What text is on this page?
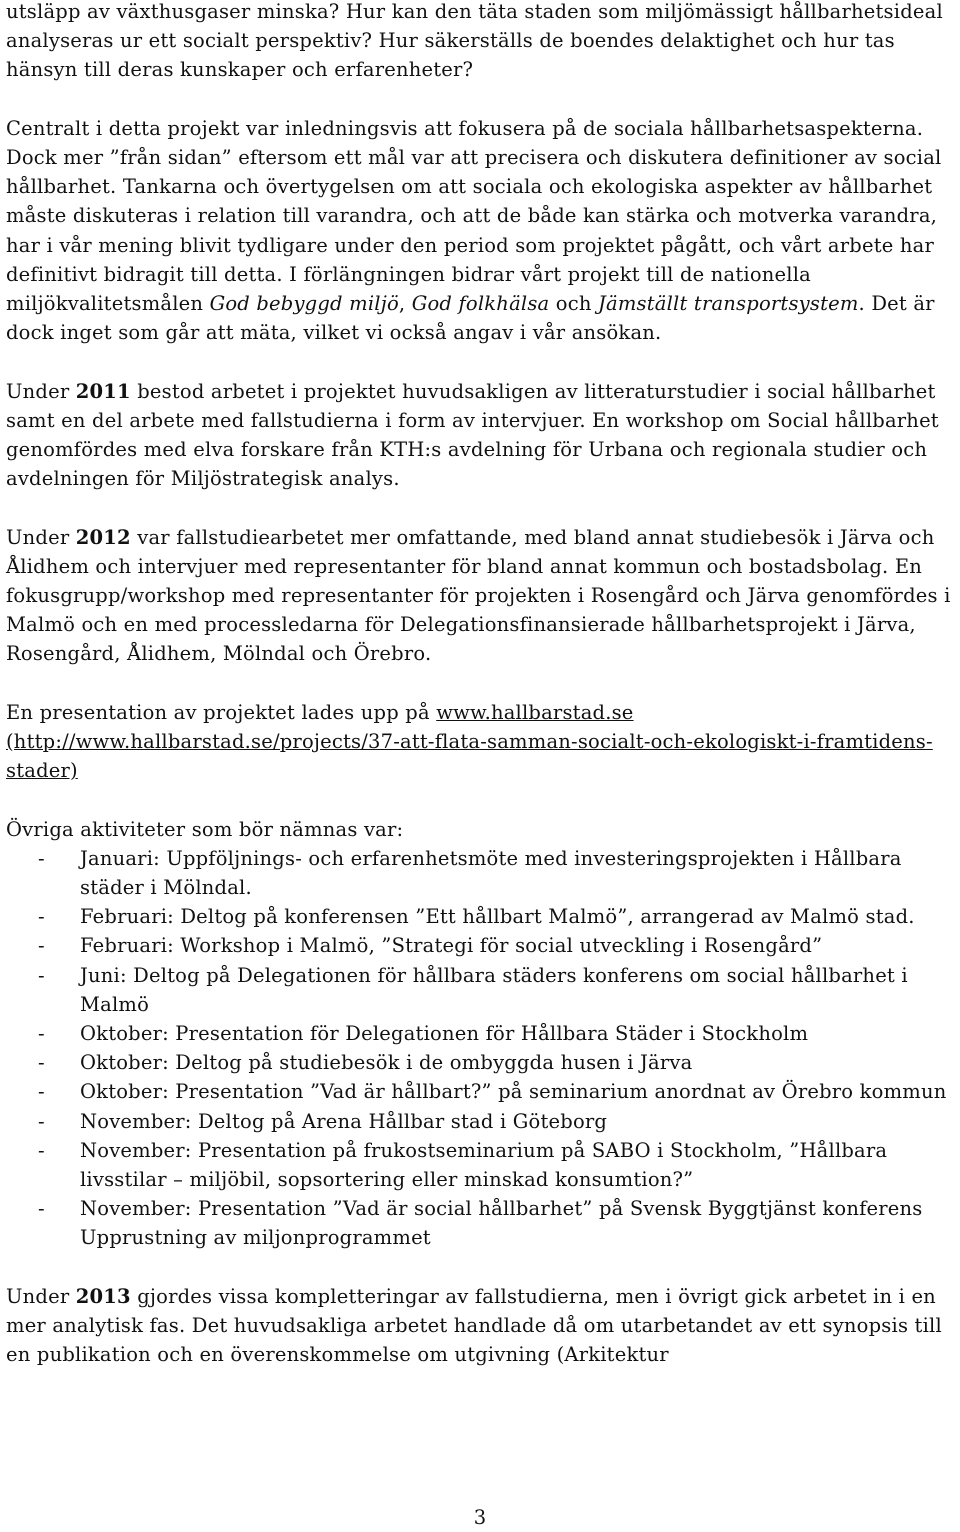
utsläpp av växthusgaser minska? Hur kan den täta staden som miljömässigt hållbarhetsideal analyseras ur ett socialt perspektiv? Hur säkerställs de boendes delaktighet och hur tas hänsyn till deras kunskaper och erfarenheter?

Centralt i detta projekt var inledningsvis att fokusera på de sociala hållbarhetsaspekterna. Dock mer ”från sidan” eftersom ett mål var att precisera och diskutera definitioner av social hållbarhet. Tankarna och övertygelsen om att sociala och ekologiska aspekter av hållbarhet måste diskuteras i relation till varandra, och att de både kan stärka och motverka varandra, har i vår mening blivit tydligare under den period som projektet pågått, och vårt arbete har definitivt bidragit till detta. I förlängningen bidrar vårt projekt till de nationella miljökvalitetsmålen God bebyggd miljö, God folkhälsa och Jämställt transportsystem. Det är dock inget som går att mäta, vilket vi också angav i vår ansökan.

Under 2011 bestod arbetet i projektet huvudsakligen av litteraturstudier i social hållbarhet samt en del arbete med fallstudierna i form av intervjuer. En workshop om Social hållbarhet genomfördes med elva forskare från KTH:s avdelning för Urbana och regionala studier och avdelningen för Miljöstrategisk analys.

Under 2012 var fallstudiearbetet mer omfattande, med bland annat studiebesök i Järva och Ålidhem och intervjuer med representanter för bland annat kommun och bostadsbolag. En fokusgrupp/workshop med representanter för projekten i Rosengård och Järva genomfördes i Malmö och en med processledarna för Delegationsfinansierade hållbarhetsprojekt i Järva, Rosengård, Ålidhem, Mölndal och Örebro.

En presentation av projektet lades upp på www.hallbarstad.se (http://www.hallbarstad.se/projects/37-att-flata-samman-socialt-och-ekologiskt-i-framtidens-stader)

Övriga aktiviteter som bör nämnas var:

- Januari: Uppföljnings- och erfarenhetsmöte med investeringsprojekten i Hållbara städer i Mölndal.
- Februari: Deltog på konferensen ”Ett hållbart Malmö”, arrangerad av Malmö stad.
- Februari: Workshop i Malmö, ”Strategi för social utveckling i Rosengård”
- Juni: Deltog på Delegationen för hållbara städers konferens om social hållbarhet i Malmö
- Oktober: Presentation för Delegationen för Hållbara Städer i Stockholm
- Oktober: Deltog på studiebesök i de ombyggda husen i Järva
- Oktober: Presentation ”Vad är hållbart?” på seminarium anordnat av Örebro kommun
- November: Deltog på Arena Hållbar stad i Göteborg
- November: Presentation på frukostseminarium på SABO i Stockholm, ”Hållbara livsstilar – miljöbil, sopsortering eller minskad konsumtion?”
- November: Presentation ”Vad är social hållbarhet” på Svensk Byggtjänst konferens Upprustning av miljonprogrammet

Under 2013 gjordes vissa kompletteringar av fallstudierna, men i övrigt gick arbetet in i en mer analytisk fas. Det huvudsakliga arbetet handlade då om utarbetandet av ett synopsis till en publikation och en överenskommelse om utgivning (Arkitektur

3
